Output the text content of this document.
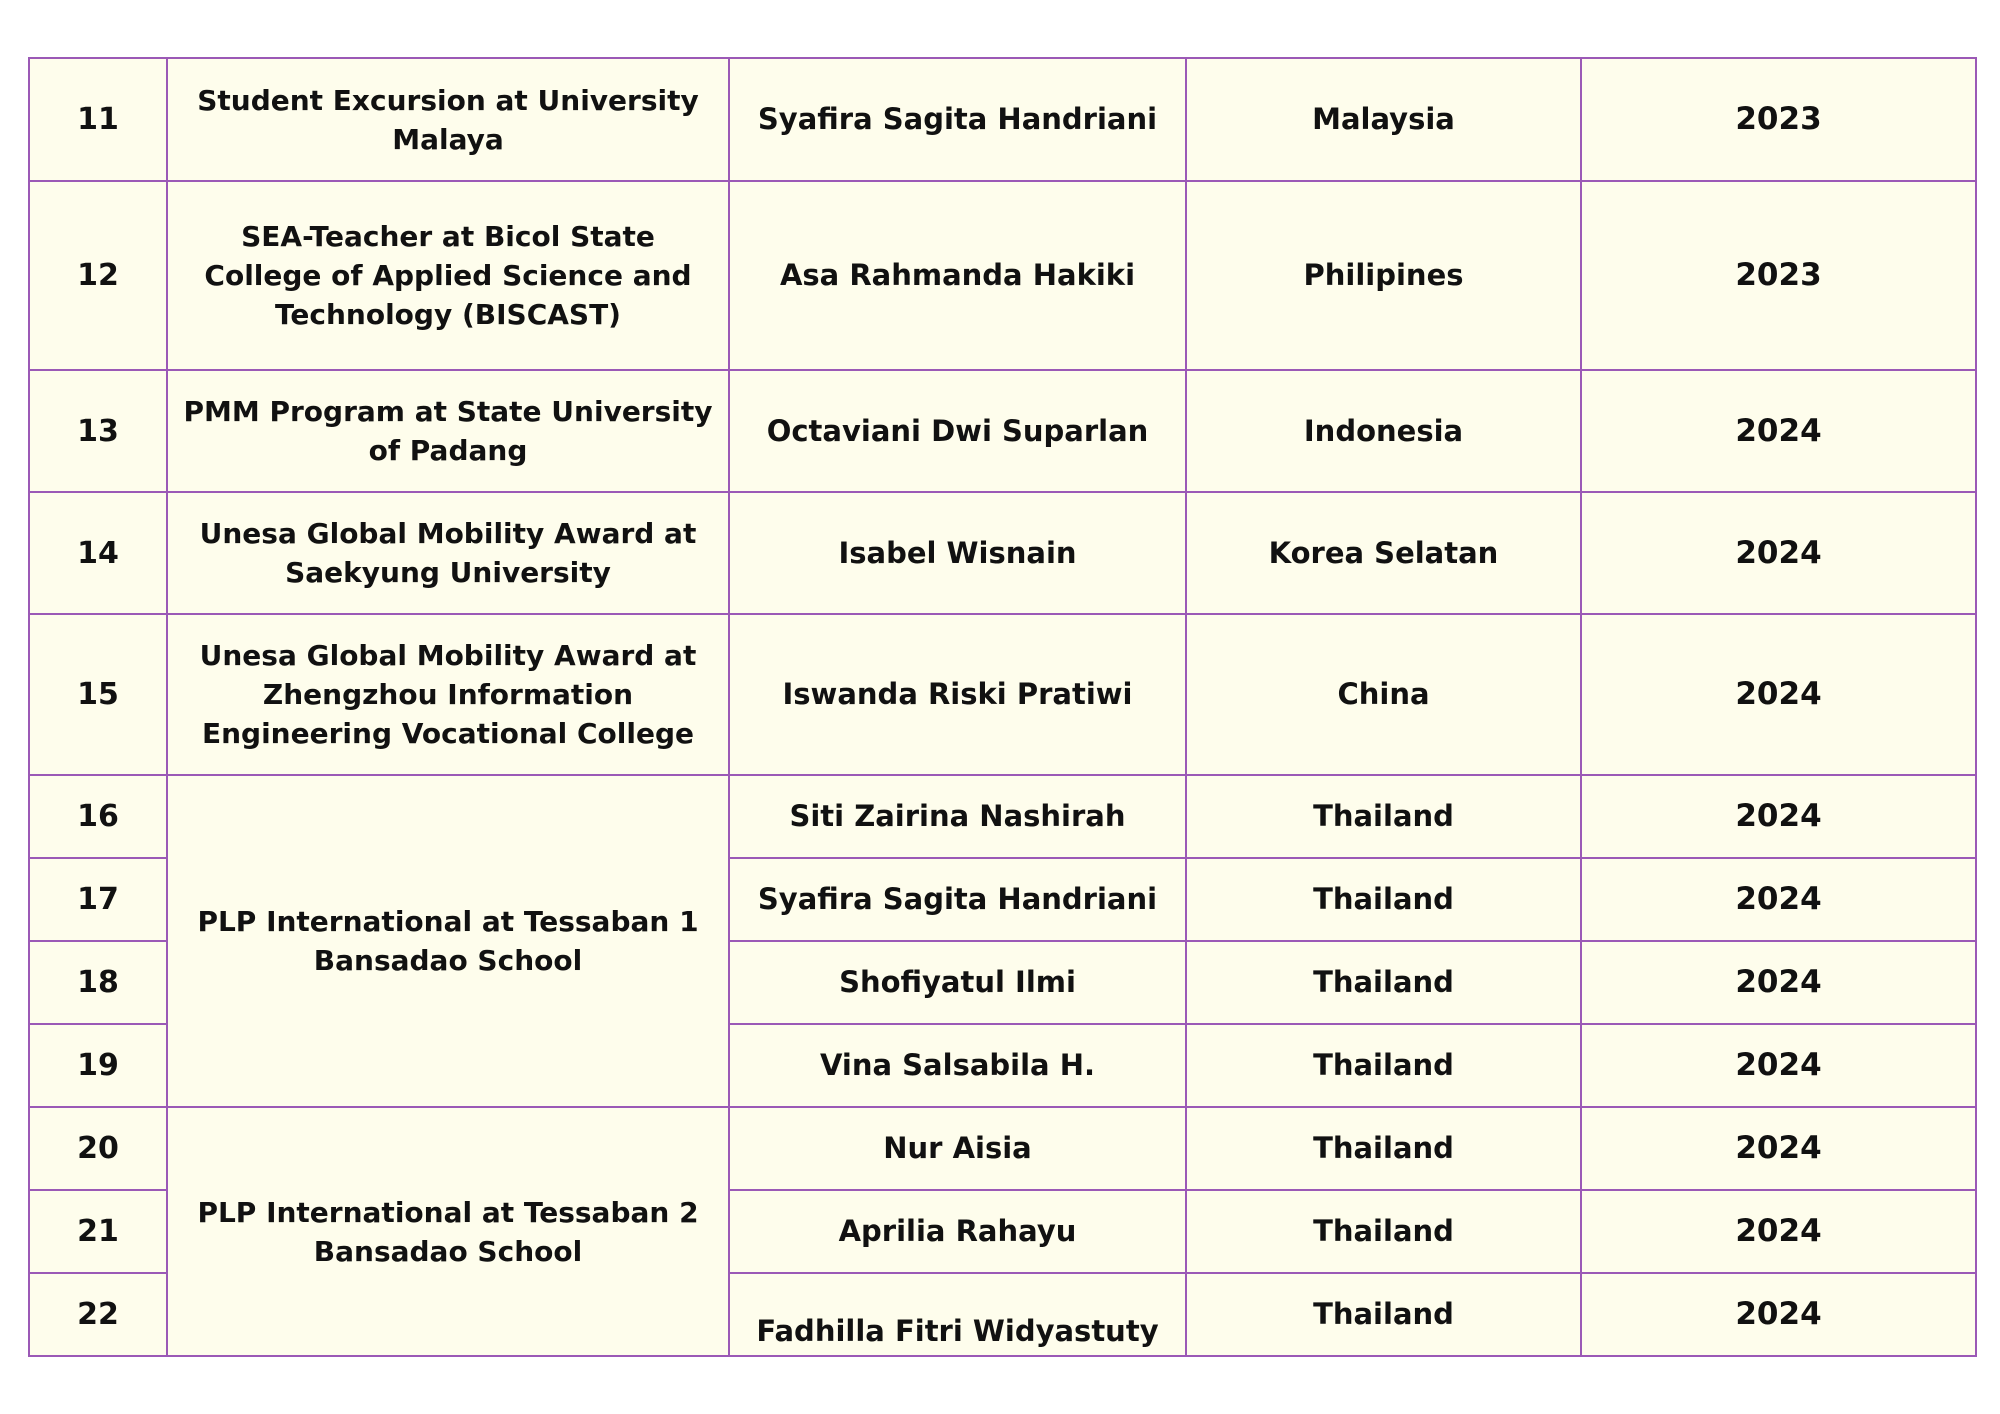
11	Student Excursion at University Malaya	Syafira Sagita Handriani	Malaysia	2023
12	SEA-Teacher at Bicol State College of Applied Science and Technology (BISCAST)	Asa Rahmanda Hakiki	Philipines	2023
13	PMM Program at State University of Padang	Octaviani Dwi Suparlan	Indonesia	2024
14	Unesa Global Mobility Award at Saekyung University	Isabel Wisnain	Korea Selatan	2024
15	Unesa Global Mobility Award at Zhengzhou Information Engineering Vocational College	Iswanda Riski Pratiwi	China	2024
16	PLP International at Tessaban 1 Bansadao School	Siti Zairina Nashirah	Thailand	2024
17		Syafira Sagita Handriani	Thailand	2024
18		Shofiyatul Ilmi	Thailand	2024
19		Vina Salsabila H.	Thailand	2024
20	PLP International at Tessaban 2 Bansadao School	Nur Aisia	Thailand	2024
21		Aprilia Rahayu	Thailand	2024
22		Fadhilla Fitri Widyastuty	Thailand	2024
